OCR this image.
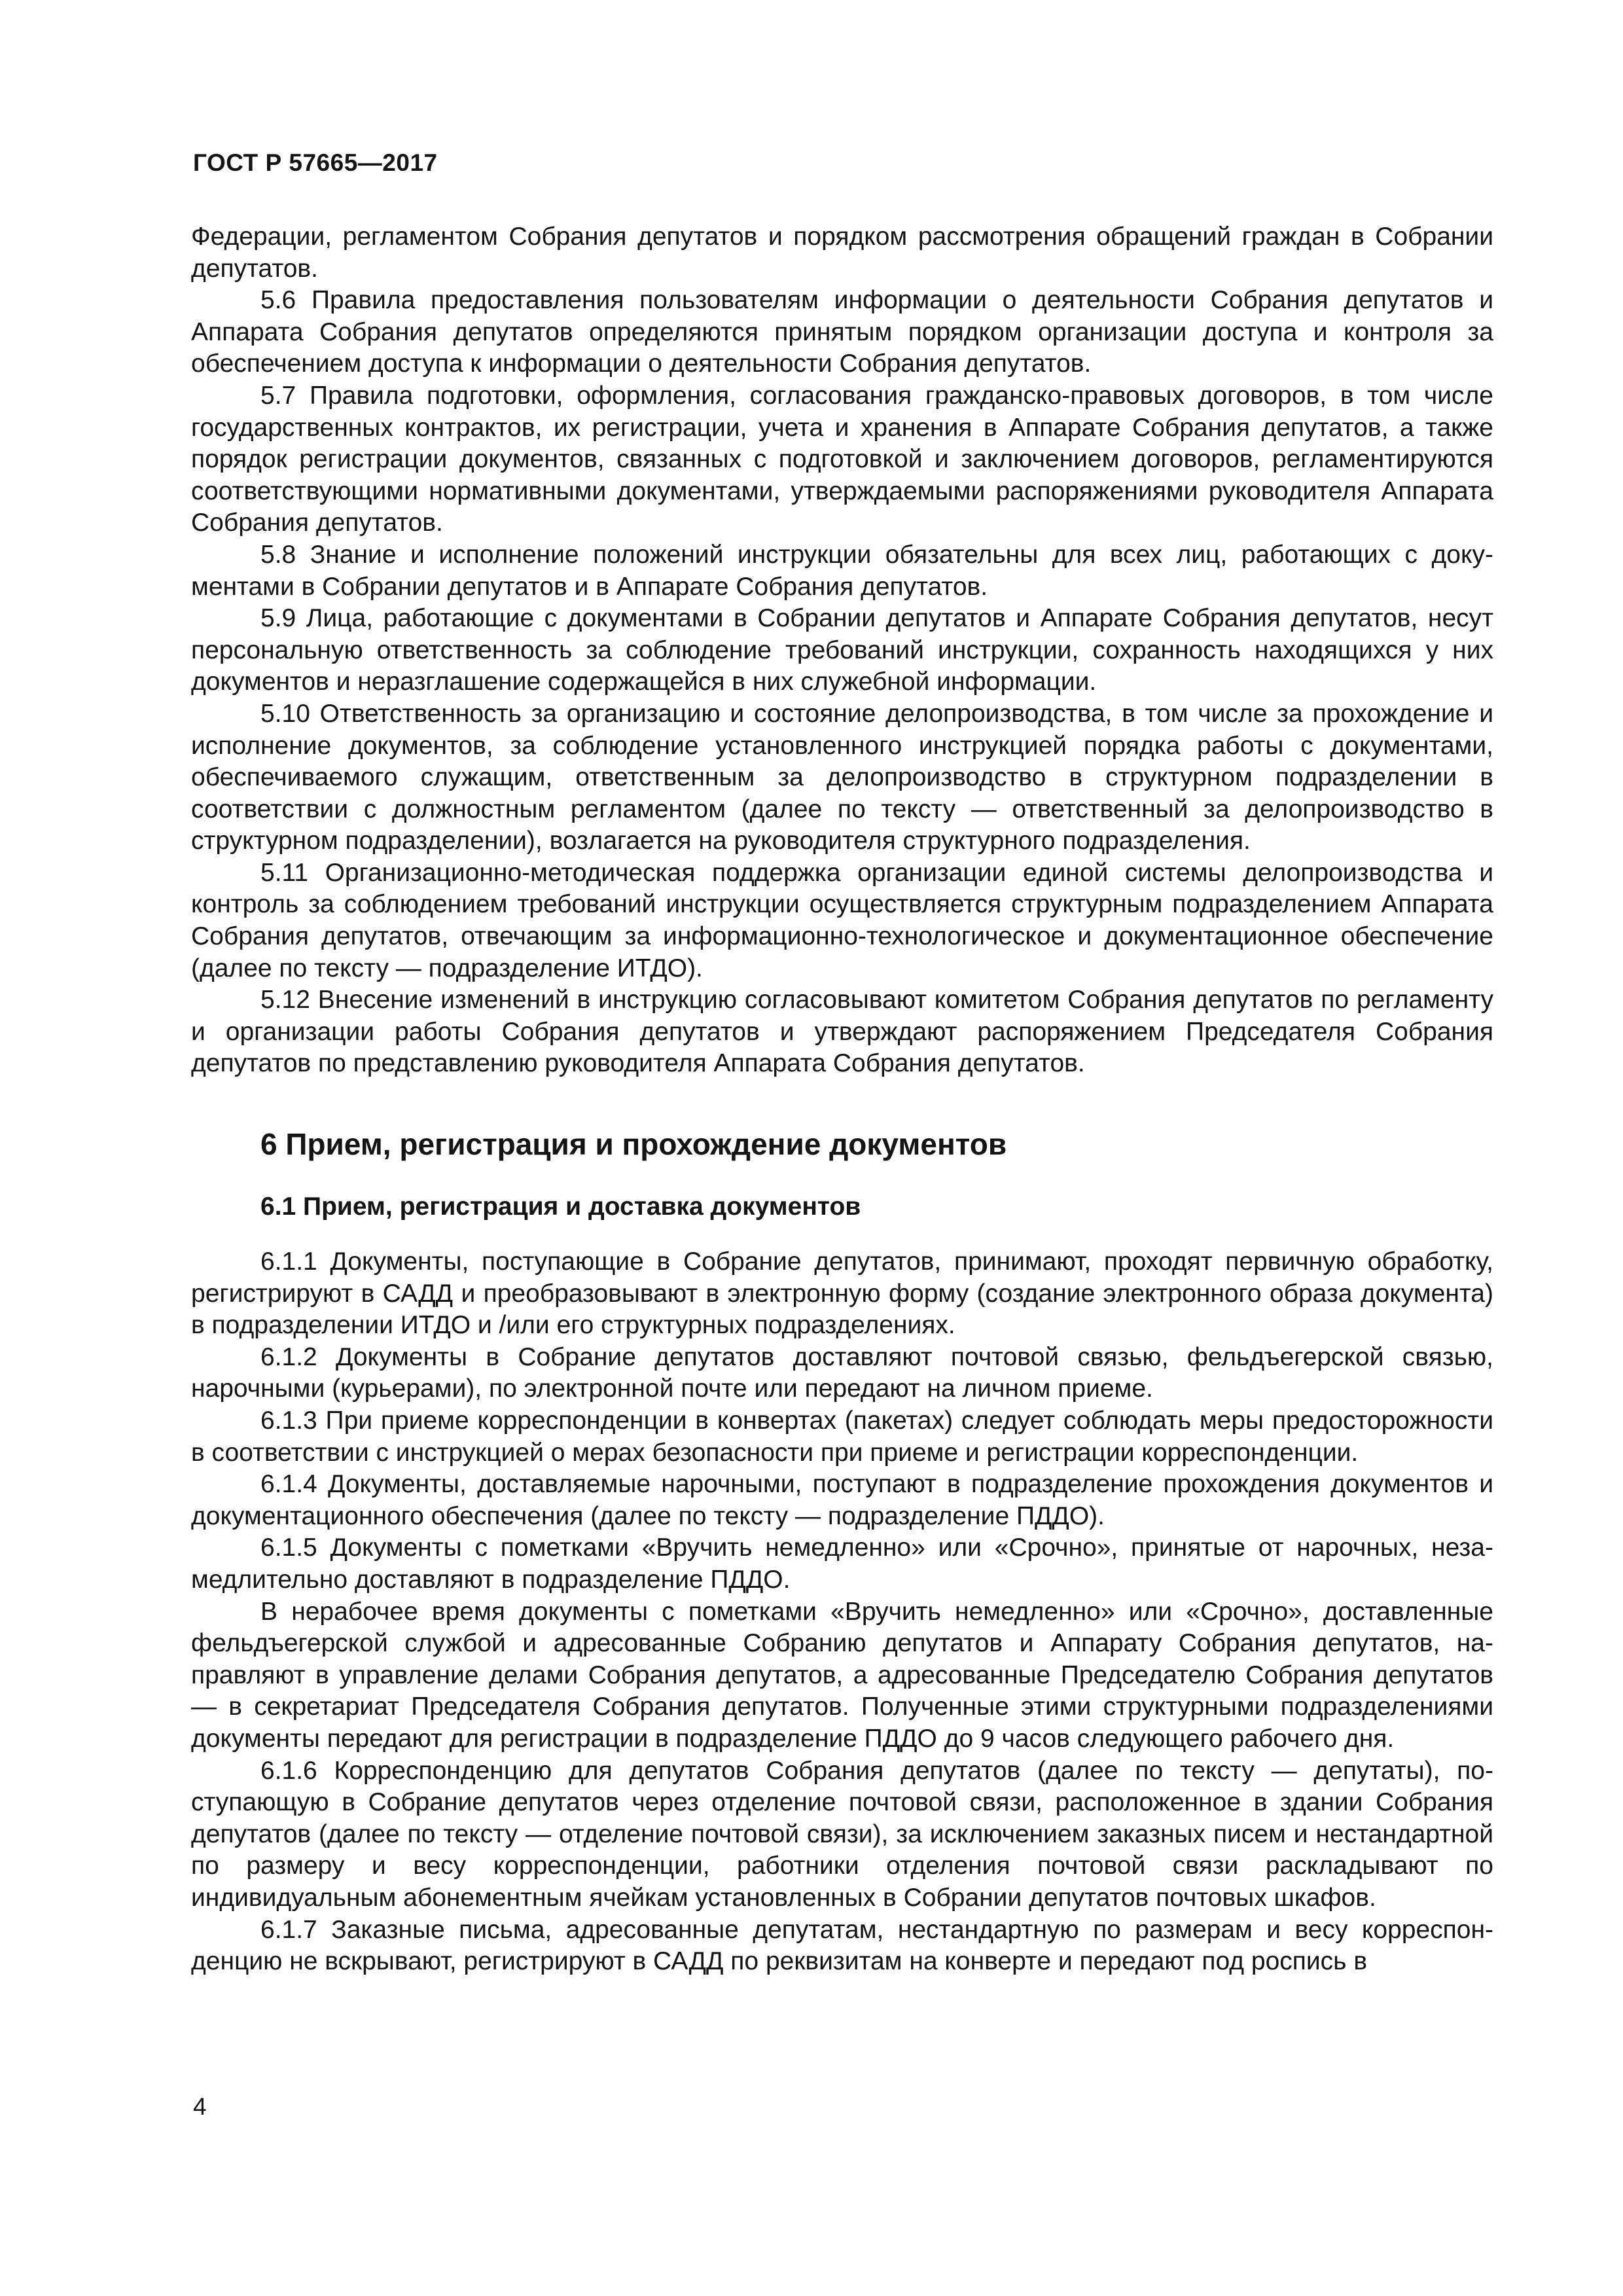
ГОСТ Р 57665—2017

Федерации, регламентом Собрания депутатов и порядком рассмотрения обращений граждан в Собрании депутатов.

5.6 Правила предоставления пользователям информации о деятельности Собрания депутатов и Аппарата Собрания депутатов определяются принятым порядком организации доступа и контроля за обеспечением доступа к информации о деятельности Собрания депутатов.

5.7 Правила подготовки, оформления, согласования гражданско-правовых договоров, в том числе государственных контрактов, их регистрации, учета и хранения в Аппарате Собрания депутатов, а также порядок регистрации документов, связанных с подготовкой и заключением договоров, регламентируются соответствующими нормативными документами, утверждаемыми распоряжениями руководителя Аппарата Собрания депутатов.

5.8 Знание и исполнение положений инструкции обязательны для всех лиц, работающих с документами в Собрании депутатов и в Аппарате Собрания депутатов.

5.9 Лица, работающие с документами в Собрании депутатов и Аппарате Собрания депутатов, несут персональную ответственность за соблюдение требований инструкции, сохранность находящихся у них документов и неразглашение содержащейся в них служебной информации.

5.10 Ответственность за организацию и состояние делопроизводства, в том числе за прохождение и исполнение документов, за соблюдение установленного инструкцией порядка работы с документами, обеспечиваемого служащим, ответственным за делопроизводство в структурном подразделении в соответствии с должностным регламентом (далее по тексту — ответственный за делопроизводство в структурном подразделении), возлагается на руководителя структурного подразделения.

5.11 Организационно-методическая поддержка организации единой системы делопроизводства и контроль за соблюдением требований инструкции осуществляется структурным подразделением Аппарата Собрания депутатов, отвечающим за информационно-технологическое и документационное обеспечение (далее по тексту — подразделение ИТДО).

5.12 Внесение изменений в инструкцию согласовывают комитетом Собрания депутатов по регламенту и организации работы Собрания депутатов и утверждают распоряжением Председателя Собрания депутатов по представлению руководителя Аппарата Собрания депутатов.

6 Прием, регистрация и прохождение документов
6.1 Прием, регистрация и доставка документов

6.1.1 Документы, поступающие в Собрание депутатов, принимают, проходят первичную обработку, регистрируют в САДД и преобразовывают в электронную форму (создание электронного образа документа) в подразделении ИТДО и /или его структурных подразделениях.

6.1.2 Документы в Собрание депутатов доставляют почтовой связью, фельдъегерской связью, нарочными (курьерами), по электронной почте или передают на личном приеме.

6.1.3 При приеме корреспонденции в конвертах (пакетах) следует соблюдать меры предосторожности в соответствии с инструкцией о мерах безопасности при приеме и регистрации корреспонденции.

6.1.4 Документы, доставляемые нарочными, поступают в подразделение прохождения документов и документационного обеспечения (далее по тексту — подразделение ПДДО).

6.1.5 Документы с пометками «Вручить немедленно» или «Срочно», принятые от нарочных, незамедлительно доставляют в подразделение ПДДО.

В нерабочее время документы с пометками «Вручить немедленно» или «Срочно», доставленные фельдъегерской службой и адресованные Собранию депутатов и Аппарату Собрания депутатов, направляют в управление делами Собрания депутатов, а адресованные Председателю Собрания депутатов — в секретариат Председателя Собрания депутатов. Полученные этими структурными подразделениями документы передают для регистрации в подразделение ПДДО до 9 часов следующего рабочего дня.

6.1.6 Корреспонденцию для депутатов Собрания депутатов (далее по тексту — депутаты), поступающую в Собрание депутатов через отделение почтовой связи, расположенное в здании Собрания депутатов (далее по тексту — отделение почтовой связи), за исключением заказных писем и нестандартной по размеру и весу корреспонденции, работники отделения почтовой связи раскладывают по индивидуальным абонементным ячейкам установленных в Собрании депутатов почтовых шкафов.

6.1.7 Заказные письма, адресованные депутатам, нестандартную по размерам и весу корреспонденцию не вскрывают, регистрируют в САДД по реквизитам на конверте и передают под роспись в

4
